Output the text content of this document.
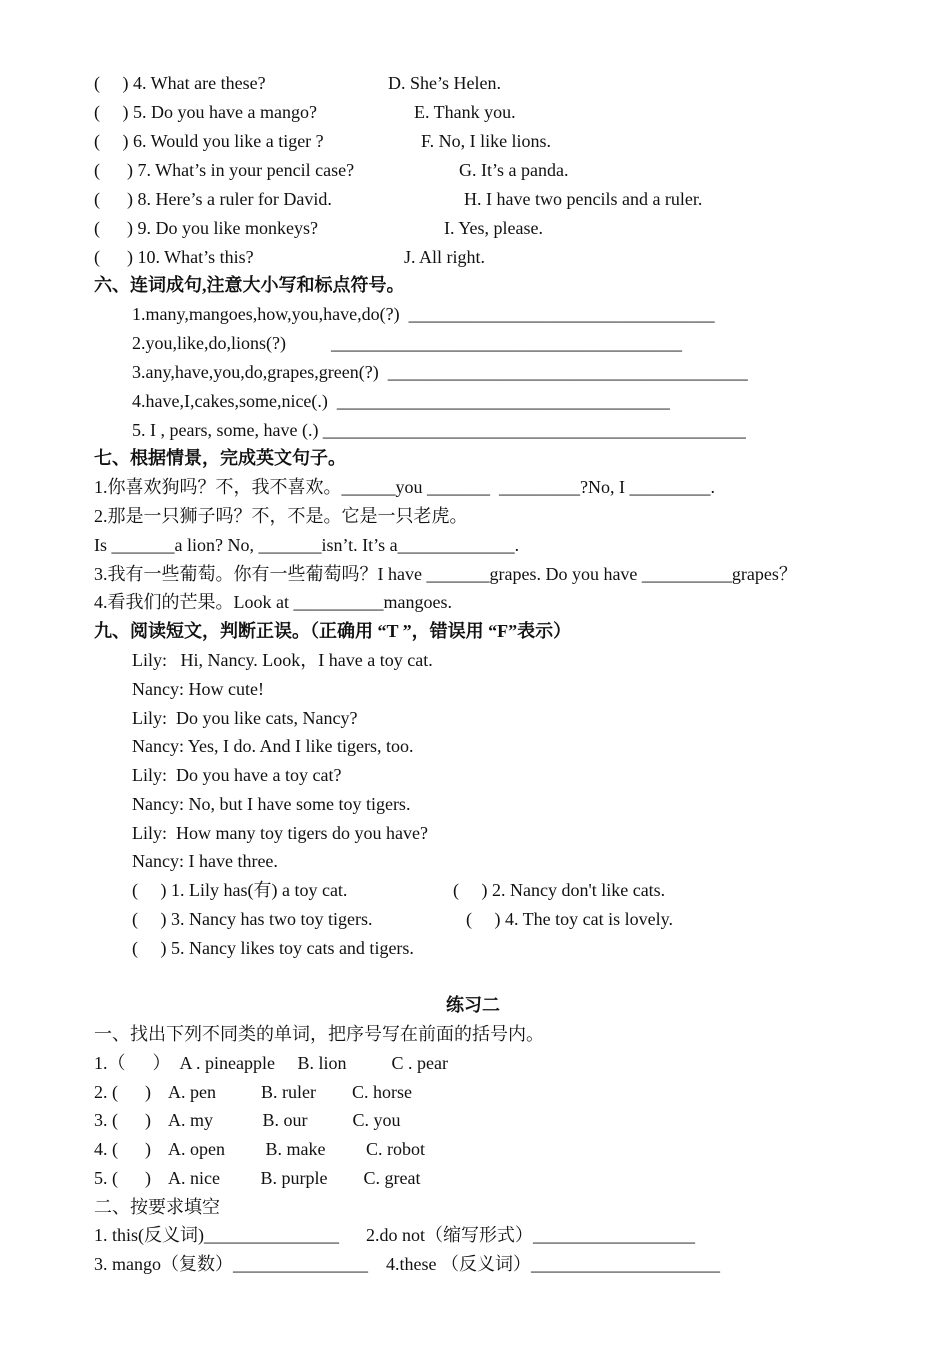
(     ) 4. What are these?	D. She’s Helen.
(     ) 5. Do you have a mango?	E. Thank you.
(     ) 6. Would you like a tiger ?	F. No, I like lions.
(      ) 7. What’s in your pencil case?	G. It’s a panda.
(      ) 8. Here’s a ruler for David.	H. I have two pencils and a ruler.
(      ) 9. Do you like monkeys?	I. Yes, please.
(      ) 10. What’s this?	J. All right.
六、连词成句,注意大小写和标点符号。
1.many,mangoes,how,you,have,do(?)  __________________________________
2.you,like,do,lions(?)          _______________________________________
3.any,have,you,do,grapes,green(?)  ________________________________________
4.have,I,cakes,some,nice(.)  _____________________________________
5. I , pears, some, have (.) _______________________________________________
七、根据情景，完成英文句子。
1.你喜欢狗吗？不，我不喜欢。______you _______  _________?No, I _________.
2.那是一只狮子吗？不，不是。它是一只老虎。
Is _______a lion? No, _______isn’t. It’s a_____________.
3.我有一些葡萄。你有一些葡萄吗？I have _______grapes. Do you have __________grapes？
4.看我们的芒果。Look at __________mangoes.
九、阅读短文，判断正误。（正确用 “T ”，错误用 “F”表示）
Lily:   Hi, Nancy. Look，I have a toy cat.
Nancy: How cute!
Lily:  Do you like cats, Nancy?
Nancy: Yes, I do. And I like tigers, too.
Lily:  Do you have a toy cat?
Nancy: No, but I have some toy tigers.
Lily:  How many toy tigers do you have?
Nancy: I have three.
(     ) 1. Lily has(有) a toy cat.	(     ) 2. Nancy don't like cats.
(     ) 3. Nancy has two toy tigers.	(     ) 4. The toy cat is lovely.
(     ) 5. Nancy likes toy cats and tigers.
练习二
一、找出下列不同类的单词，把序号写在前面的括号内。
1.（      ）  A . pineapple     B. lion          C . pear
2. (      )    A. pen          B. ruler        C. horse
3. (      )    A. my           B. our          C. you
4. (      )    A. open         B. make         C. robot
5. (      )    A. nice         B. purple        C. great
二、按要求填空
1. this(反义词)_______________      2.do not（缩写形式）__________________
3. mango（复数）_______________    4.these （反义词）_____________________
